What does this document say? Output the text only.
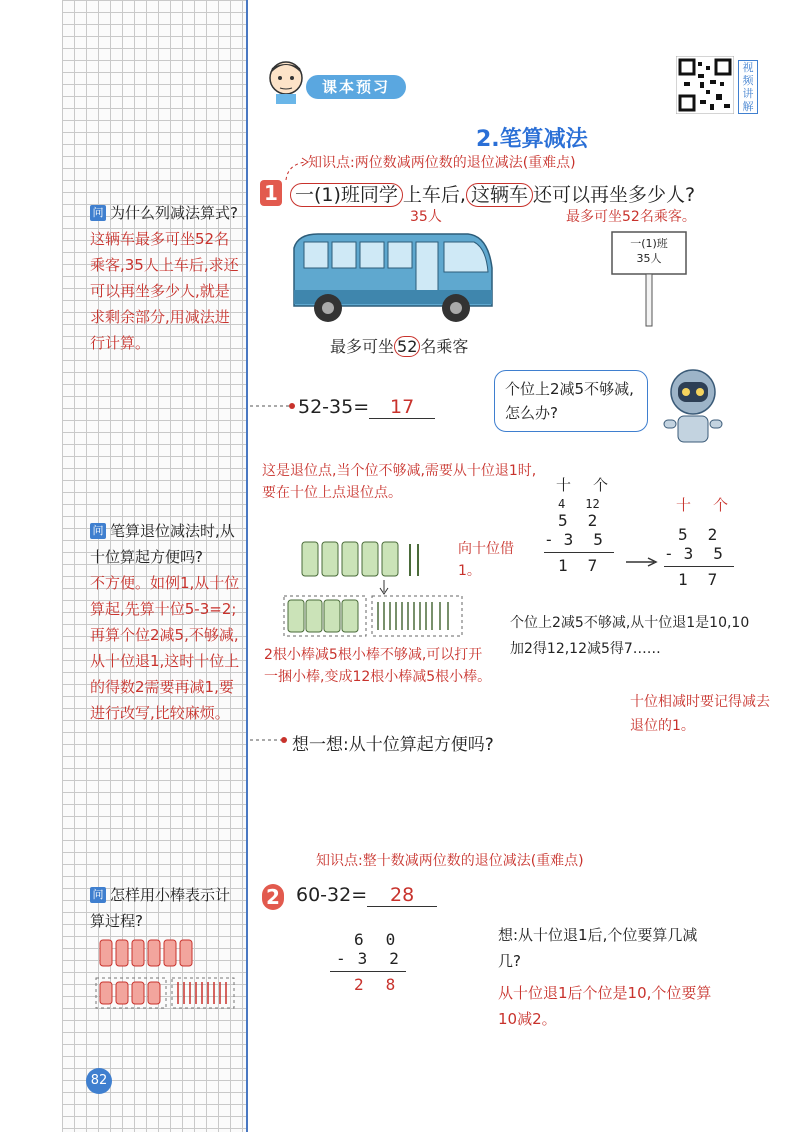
问 为什么列减法算式?
这辆车最多可坐52名乘客,35人上车后,求还可以再坐多少人,就是求剩余部分,用减法进行计算。
问 笔算退位减法时,从十位算起方便吗?
不方便。如例1,从十位算起,先算十位5-3=2;再算个位2减5,不够减,从十位退1,这时十位上的得数2需要再减1,要进行改写,比较麻烦。
问 怎样用小棒表示计算过程?
82
课本预习
2.笔算减法
视频讲解
知识点:两位数减两位数的退位减法(重难点)
1 一(1)班同学 上车后, 这辆车 还可以再坐多少人?
35人	最多可坐52名乘客。
最多可坐 52 名乘客
一(1)班
35人
52-35= 17
个位上2减5不够减,怎么办?
这是退位点,当个位不够减,需要从十位退1时,要在十位上点退位点。	十 个
4 12
5 2
- 3 5
1 7
十 个
5 2
- 3 5
1 7
向十位借1。
2根小棒减5根小棒不够减,可以打开一捆小棒,变成12根小棒减5根小棒。
个位上2减5不够减,从十位退1是10,10加2得12,12减5得7……
十位相减时要记得减去退位的1。
想一想:从十位算起方便吗?
知识点:整十数减两位数的退位减法(重难点)
2 60-32= 28
6 0
- 3 2
2 8
想:从十位退1后,个位要算几减几?
从十位退1后个位是10,个位要算10减2。
